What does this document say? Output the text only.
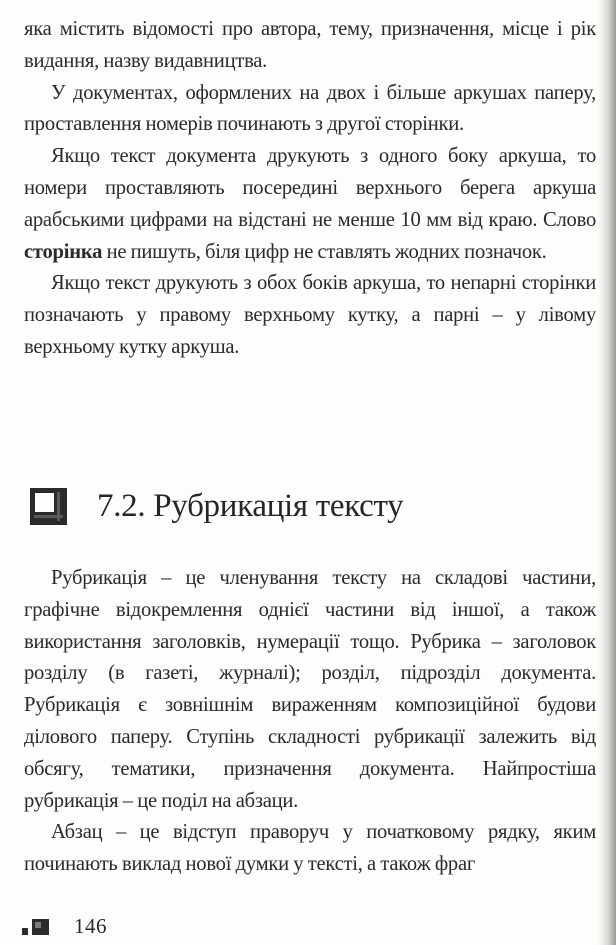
яка містить відомості про автора, тему, призначення, місце і рік видання, назву видавництва.

У документах, оформлених на двох і більше аркушах паперу, проставлення номерів починають з другої сторінки.

Якщо текст документа друкують з одного боку аркуша, то номери проставляють посередині верхнього берега аркуша арабськими цифрами на відстані не менше 10 мм від краю. Слово сторінка не пишуть, біля цифр не ставлять жодних позначок.

Якщо текст друкують з обох боків аркуша, то непарні сторінки позначають у правому верхньому кутку, а парні – у лівому верхньому кутку аркуша.

7.2. Рубрикація тексту

Рубрикація – це членування тексту на складові частини, графічне відокремлення однієї частини від іншої, а також використання заголовків, нумерації тощо. Рубрика – заголовок розділу (в газеті, журналі); розділ, підрозділ документа. Рубрикація є зовнішнім вираженням композиційної будови ділового паперу. Ступінь складності рубрикації залежить від обсягу, тематики, призначення документа. Найпростіша рубрикація – це поділ на абзаци.

Абзац – це відступ праворуч у початковому рядку, яким починають виклад нової думки у тексті, а також фраг

146
